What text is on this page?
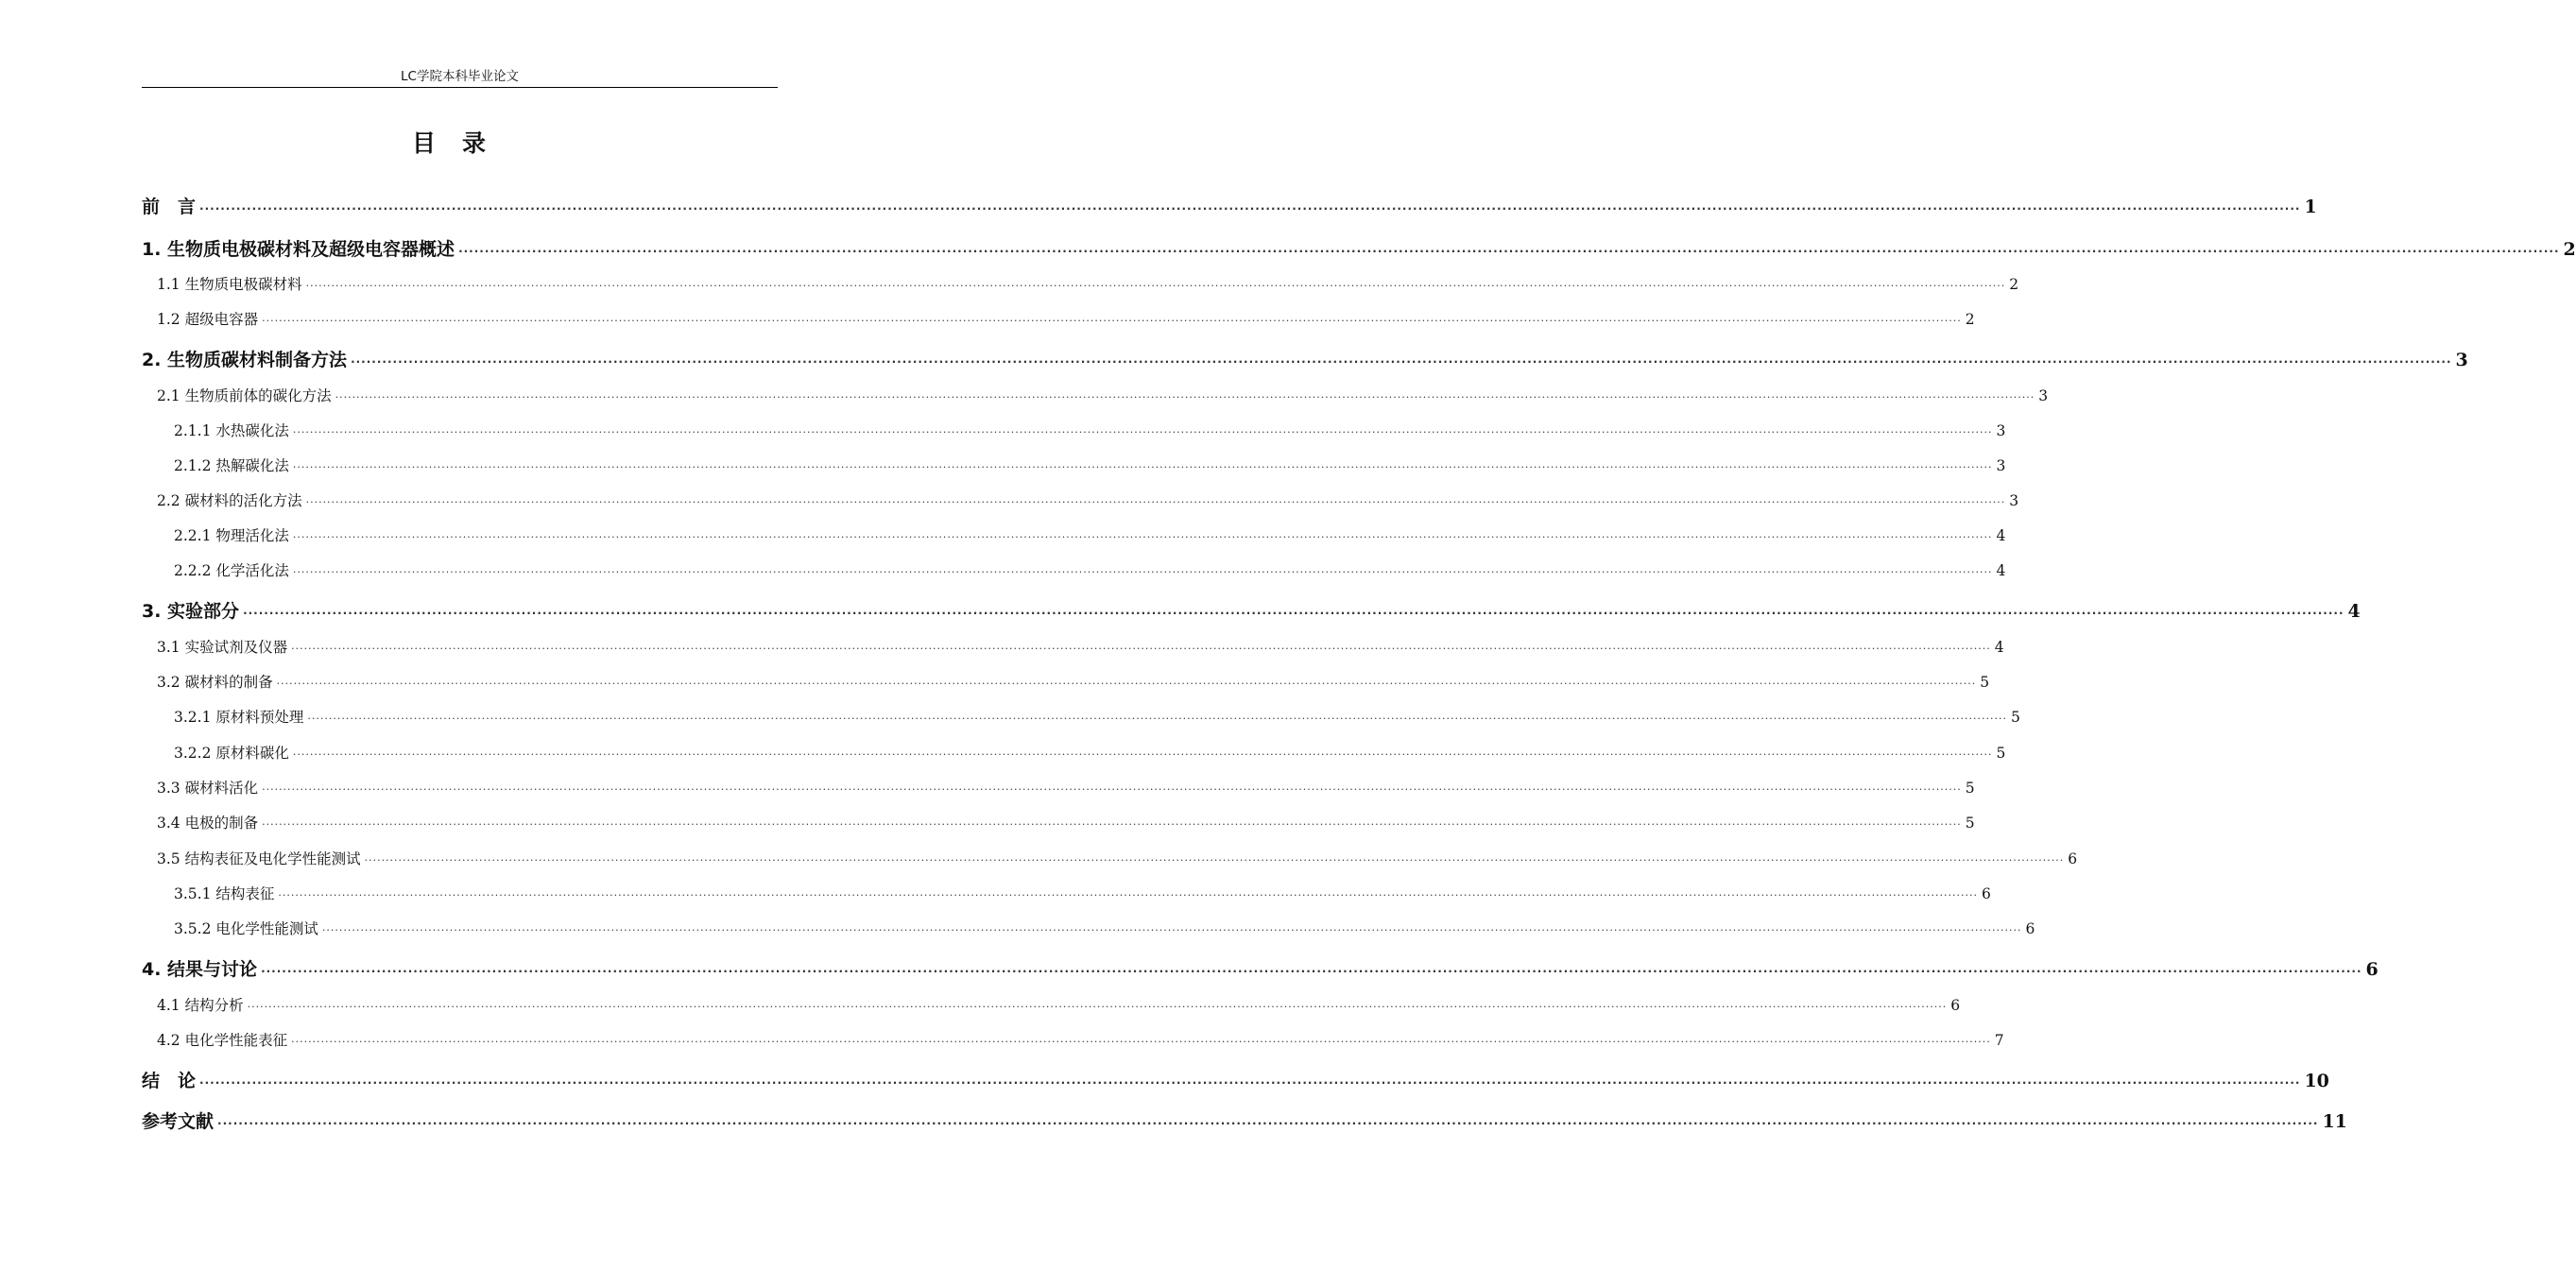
LC学院本科毕业论文
目 录
前　言 ················································································································································································································································································································································································································ 1
1. 生物质电极碳材料及超级电容器概述 ················································································································································································································································································································································································································ 2
1.1 生物质电极碳材料 ················································································································································································································································································································································································································ 2
1.2 超级电容器 ················································································································································································································································································································································································································ 2
2. 生物质碳材料制备方法 ················································································································································································································································································································································································································ 3
2.1 生物质前体的碳化方法 ················································································································································································································································································································································································································ 3
2.1.1 水热碳化法 ················································································································································································································································································································································································································ 3
2.1.2 热解碳化法 ················································································································································································································································································································································································································ 3
2.2 碳材料的活化方法 ················································································································································································································································································································································································································ 3
2.2.1 物理活化法 ················································································································································································································································································································································································································ 4
2.2.2 化学活化法 ················································································································································································································································································································································································································ 4
3. 实验部分 ················································································································································································································································································································································································································ 4
3.1 实验试剂及仪器 ················································································································································································································································································································································································································ 4
3.2 碳材料的制备 ················································································································································································································································································································································································································ 5
3.2.1 原材料预处理 ················································································································································································································································································································································································································ 5
3.2.2 原材料碳化 ················································································································································································································································································································································································································ 5
3.3 碳材料活化 ················································································································································································································································································································································································································ 5
3.4 电极的制备 ················································································································································································································································································································································································································ 5
3.5 结构表征及电化学性能测试 ················································································································································································································································································································································································································ 6
3.5.1 结构表征 ················································································································································································································································································································································································································ 6
3.5.2 电化学性能测试 ················································································································································································································································································································································································································ 6
4. 结果与讨论 ················································································································································································································································································································································································································ 6
4.1 结构分析 ················································································································································································································································································································································································································ 6
4.2 电化学性能表征 ················································································································································································································································································································································································································ 7
结　论 ················································································································································································································································································································································································································ 10
参考文献 ················································································································································································································································································································································································································ 11
